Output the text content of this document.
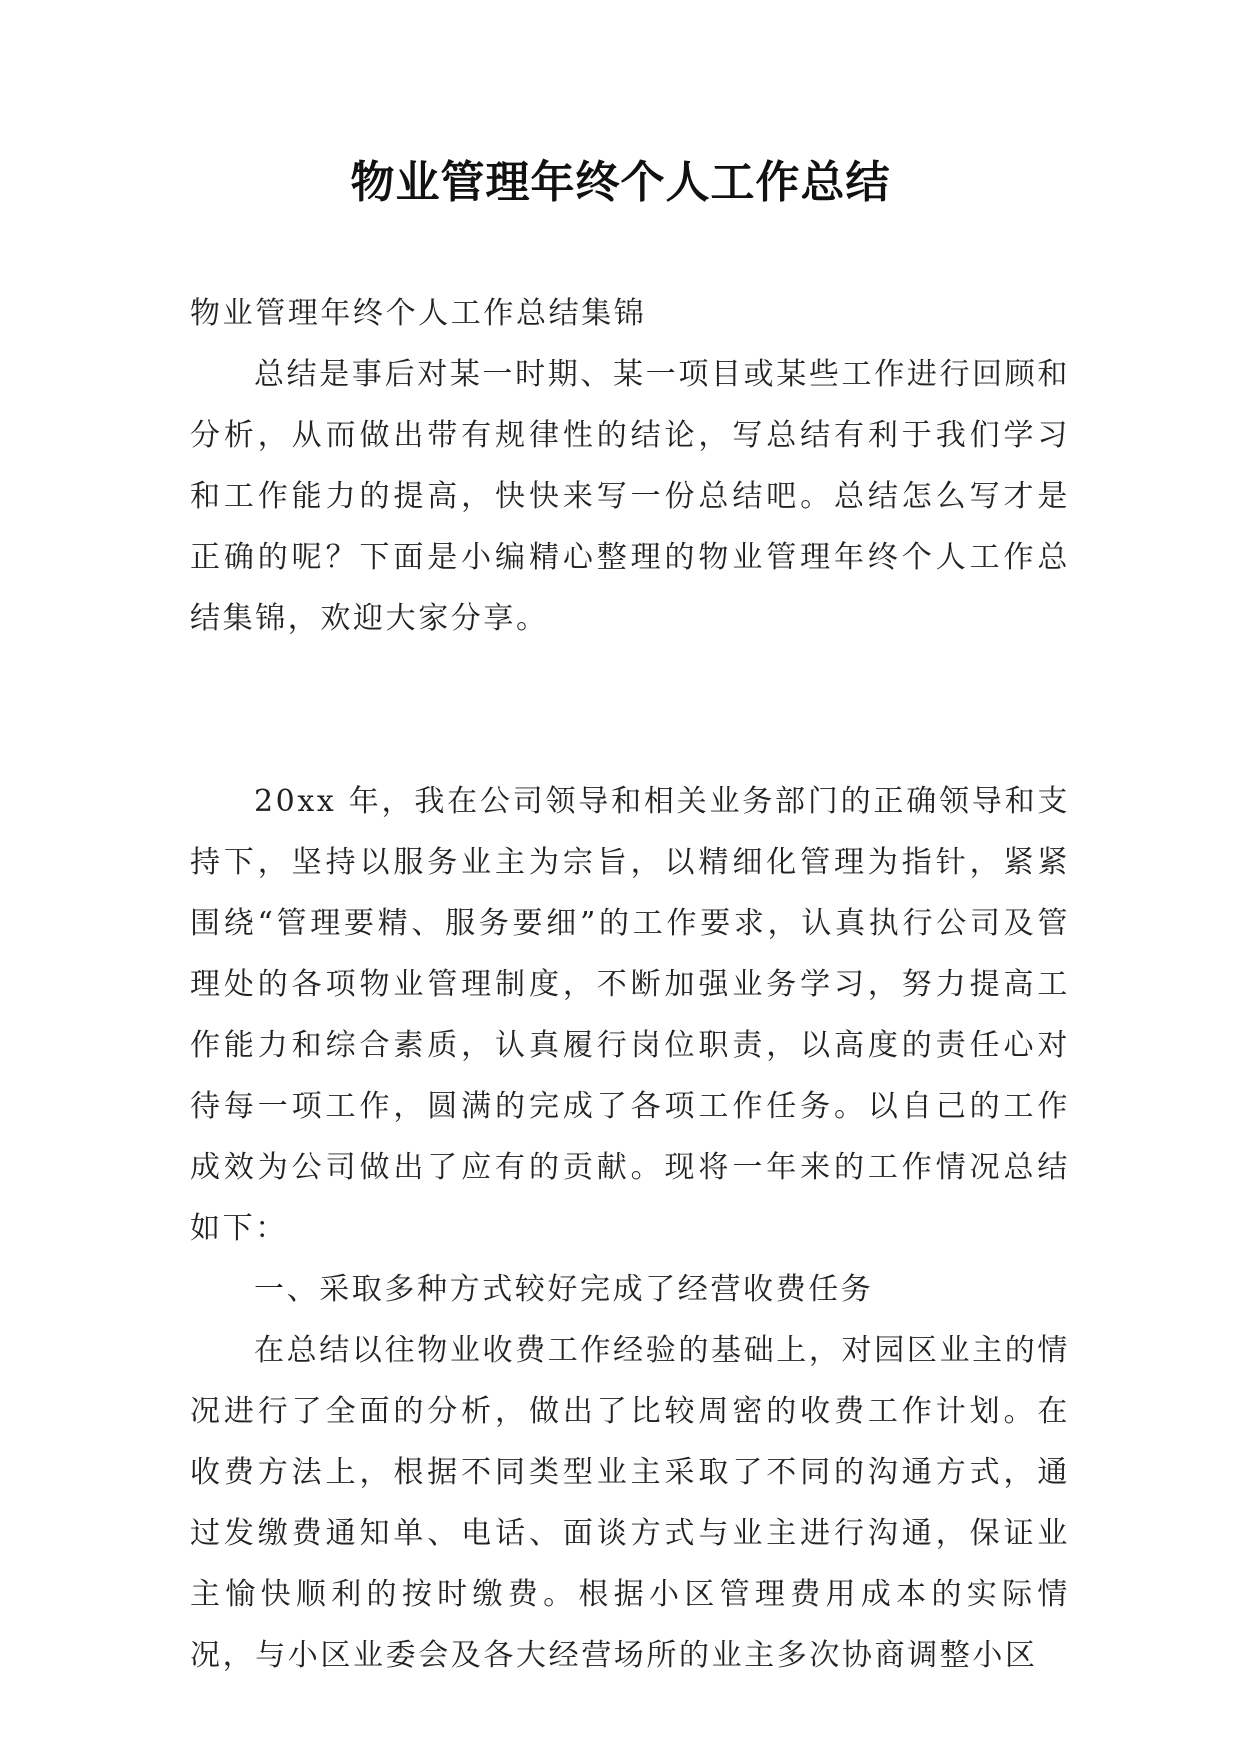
物业管理年终个人工作总结

物业管理年终个人工作总结集锦

总结是事后对某一时期、某一项目或某些工作进行回顾和分析，从而做出带有规律性的结论，写总结有利于我们学习和工作能力的提高，快快来写一份总结吧。总结怎么写才是正确的呢？下面是小编精心整理的物业管理年终个人工作总结集锦，欢迎大家分享。

20xx 年，我在公司领导和相关业务部门的正确领导和支持下，坚持以服务业主为宗旨，以精细化管理为指针，紧紧围绕“管理要精、服务要细”的工作要求，认真执行公司及管理处的各项物业管理制度，不断加强业务学习，努力提高工作能力和综合素质，认真履行岗位职责，以高度的责任心对待每一项工作，圆满的完成了各项工作任务。以自己的工作成效为公司做出了应有的贡献。现将一年来的工作情况总结如下：

一、采取多种方式较好完成了经营收费任务

在总结以往物业收费工作经验的基础上，对园区业主的情况进行了全面的分析，做出了比较周密的收费工作计划。在收费方法上，根据不同类型业主采取了不同的沟通方式，通过发缴费通知单、电话、面谈方式与业主进行沟通，保证业主愉快顺利的按时缴费。根据小区管理费用成本的实际情况，与小区业委会及各大经营场所的业主多次协商调整小区
